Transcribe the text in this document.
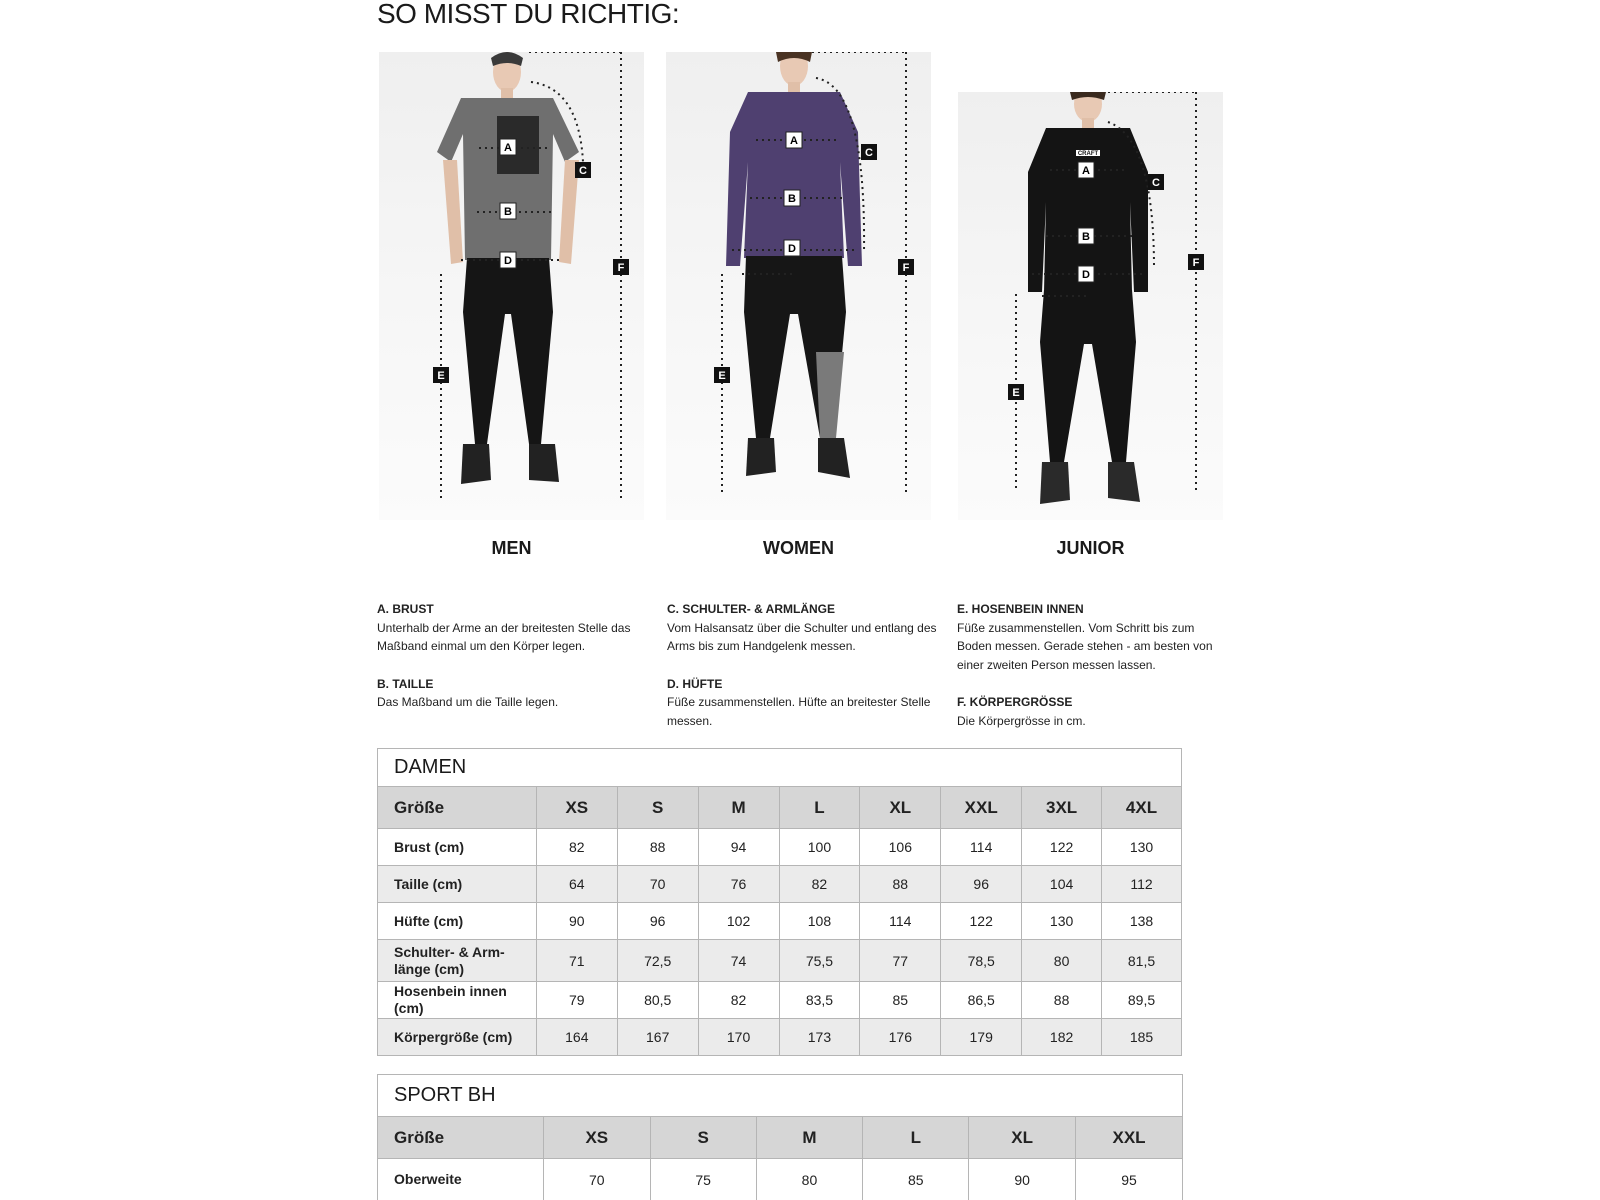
SO MISST DU RICHTIG:
A
B
D
C
E
F
A
B
D
C
E
F
CRAFT
A
B
D
C
E
F
MEN	WOMEN	JUNIOR
A. BRUST
Unterhalb der Arme an der breitesten Stelle das Maßband einmal um den Körper legen.
B. TAILLE
Das Maßband um die Taille legen.
C. SCHULTER- & ARMLÄNGE
Vom Halsansatz über die Schulter und entlang des Arms bis zum Handgelenk messen.
D. HÜFTE
Füße zusammenstellen. Hüfte an breitester Stelle messen.
E. HOSENBEIN INNEN
Füße zusammenstellen. Vom Schritt bis zum Boden messen. Gerade stehen - am besten von einer zweiten Person messen lassen.
F. KÖRPERGRÖSSE
Die Körpergrösse in cm.
DAMEN								
Größe	XS	S	M	L	XL	XXL	3XL	4XL
Brust (cm)	82	88	94	100	106	114	122	130
Taille (cm)	64	70	76	82	88	96	104	112
Hüfte (cm)	90	96	102	108	114	122	130	138
Schulter- & Arm-länge (cm)	71	72,5	74	75,5	77	78,5	80	81,5
Hosenbein innen (cm)	79	80,5	82	83,5	85	86,5	88	89,5
Körpergröße (cm)	164	167	170	173	176	179	182	185
SPORT BH						
Größe	XS	S	M	L	XL	XXL
Oberweite	70	75	80	85	90	95
